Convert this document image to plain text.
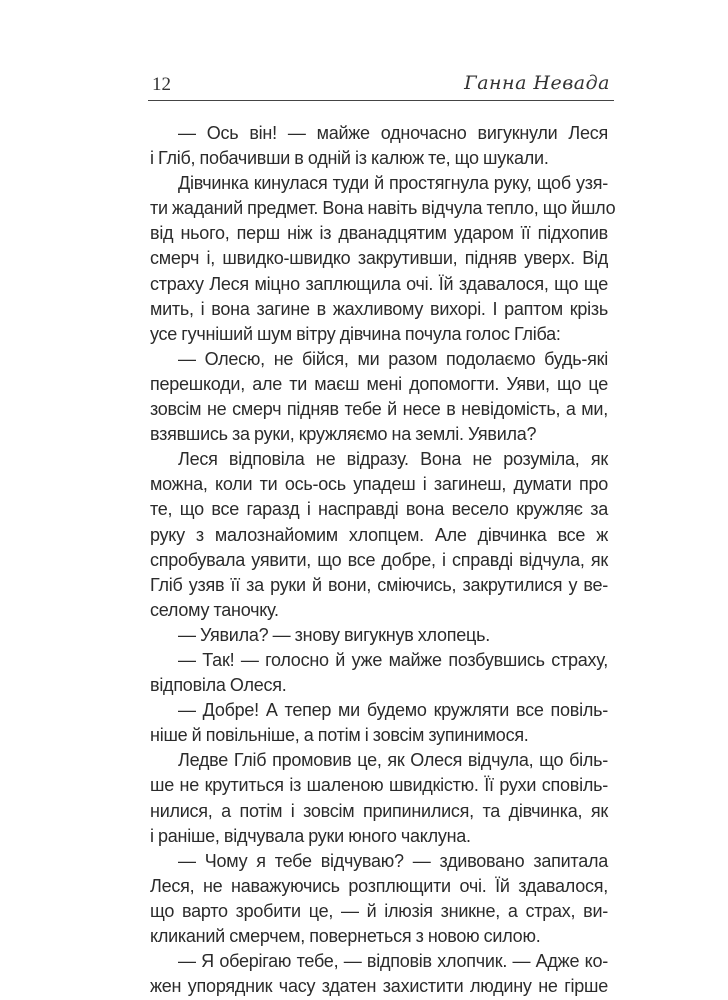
12	Ганна Невада
— Ось він! — майже одночасно вигукнули Леся
і Гліб, побачивши в одній із калюж те, що шукали.
Дівчинка кинулася туди й простягнула руку, щоб узя-
ти жаданий предмет. Вона навіть відчула тепло, що йшло
від нього, перш ніж із дванадцятим ударом її підхопив
смерч і, швидко-швидко закрутивши, підняв уверх. Від
страху Леся міцно заплющила очі. Їй здавалося, що ще
мить, і вона загине в жахливому вихорі. І раптом крізь
усе гучніший шум вітру дівчина почула голос Гліба:
— Олесю, не бійся, ми разом подолаємо будь-які
перешкоди, але ти маєш мені допомогти. Уяви, що це
зовсім не смерч підняв тебе й несе в невідомість, а ми,
взявшись за руки, кружляємо на землі. Уявила?
Леся відповіла не відразу. Вона не розуміла, як
можна, коли ти ось-ось упадеш і загинеш, думати про
те, що все гаразд і насправді вона весело кружляє за
руку з малознайомим хлопцем. Але дівчинка все ж
спробувала уявити, що все добре, і справді відчула, як
Гліб узяв її за руки й вони, сміючись, закрутилися у ве-
селому таночку.
— Уявила? — знову вигукнув хлопець.
— Так! — голосно й уже майже позбувшись страху,
відповіла Олеся.
— Добре! А тепер ми будемо кружляти все повіль-
ніше й повільніше, а потім і зовсім зупинимося.
Ледве Гліб промовив це, як Олеся відчула, що біль-
ше не крутиться із шаленою швидкістю. Її рухи сповіль-
нилися, а потім і зовсім припинилися, та дівчинка, як
і раніше, відчувала руки юного чаклуна.
— Чому я тебе відчуваю? — здивовано запитала
Леся, не наважуючись розплющити очі. Їй здавалося,
що варто зробити це, — й ілюзія зникне, а страх, ви-
кликаний смерчем, повернеться з новою силою.
— Я оберігаю тебе, — відповів хлопчик. — Адже ко-
жен упорядник часу здатен захистити людину не гірше
